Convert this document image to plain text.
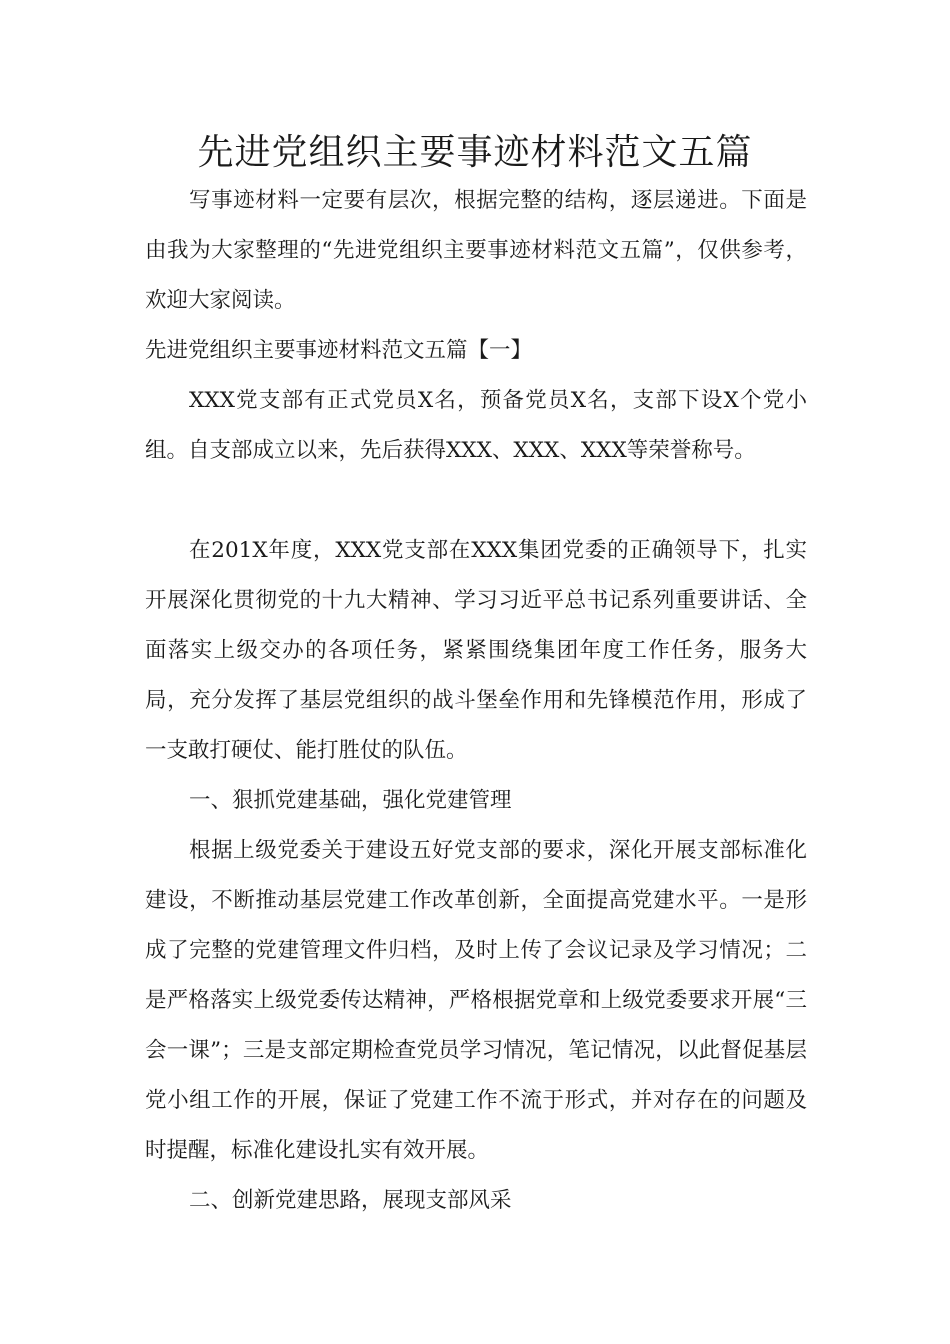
先进党组织主要事迹材料范文五篇

写事迹材料一定要有层次，根据完整的结构，逐层递进。下面是由我为大家整理的“先进党组织主要事迹材料范文五篇”，仅供参考，欢迎大家阅读。

先进党组织主要事迹材料范文五篇【一】

XXX党支部有正式党员X名，预备党员X名，支部下设X个党小组。自支部成立以来，先后获得XXX、XXX、XXX等荣誉称号。

在201X年度，XXX党支部在XXX集团党委的正确领导下，扎实开展深化贯彻党的十九大精神、学习习近平总书记系列重要讲话、全面落实上级交办的各项任务，紧紧围绕集团年度工作任务，服务大局，充分发挥了基层党组织的战斗堡垒作用和先锋模范作用，形成了一支敢打硬仗、能打胜仗的队伍。

一、狠抓党建基础，强化党建管理

根据上级党委关于建设五好党支部的要求，深化开展支部标准化建设，不断推动基层党建工作改革创新，全面提高党建水平。一是形成了完整的党建管理文件归档，及时上传了会议记录及学习情况；二是严格落实上级党委传达精神，严格根据党章和上级党委要求开展“三会一课”；三是支部定期检查党员学习情况，笔记情况，以此督促基层党小组工作的开展，保证了党建工作不流于形式，并对存在的问题及时提醒，标准化建设扎实有效开展。

二、创新党建思路，展现支部风采
